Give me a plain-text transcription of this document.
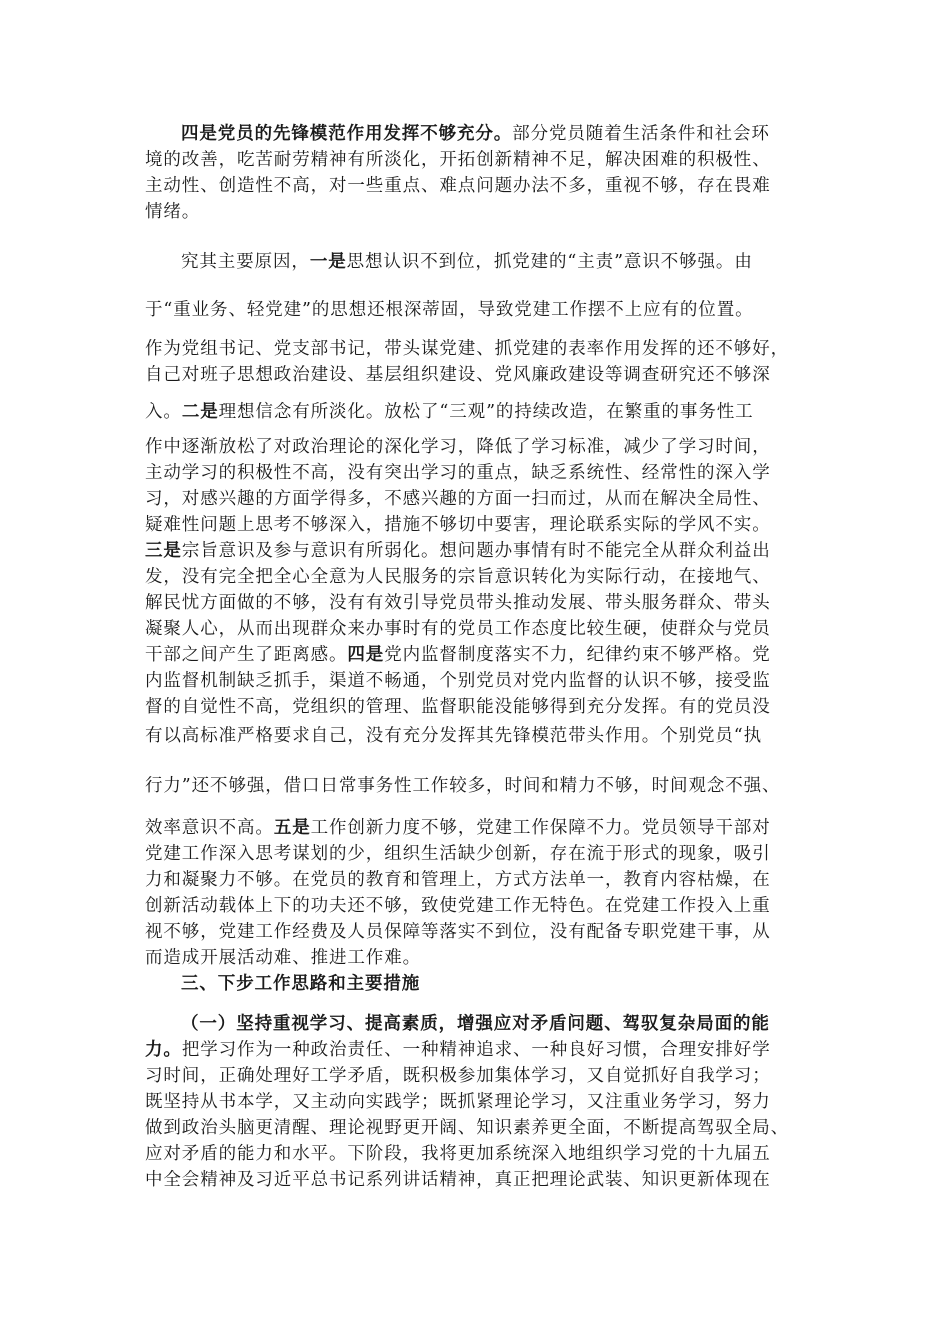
四是党员的先锋模范作用发挥不够充分。部分党员随着生活条件和社会环
境的改善，吃苦耐劳精神有所淡化，开拓创新精神不足，解决困难的积极性、
主动性、创造性不高，对一些重点、难点问题办法不多，重视不够，存在畏难
情绪。
究其主要原因，一是思想认识不到位，抓党建的“主责”意识不够强。由
于“重业务、轻党建”的思想还根深蒂固，导致党建工作摆不上应有的位置。
作为党组书记、党支部书记，带头谋党建、抓党建的表率作用发挥的还不够好，
自己对班子思想政治建设、基层组织建设、党风廉政建设等调查研究还不够深
入。二是理想信念有所淡化。放松了“三观”的持续改造，在繁重的事务性工
作中逐渐放松了对政治理论的深化学习，降低了学习标准，减少了学习时间，
主动学习的积极性不高，没有突出学习的重点，缺乏系统性、经常性的深入学
习，对感兴趣的方面学得多，不感兴趣的方面一扫而过，从而在解决全局性、
疑难性问题上思考不够深入，措施不够切中要害，理论联系实际的学风不实。
三是宗旨意识及参与意识有所弱化。想问题办事情有时不能完全从群众利益出
发，没有完全把全心全意为人民服务的宗旨意识转化为实际行动，在接地气、
解民忧方面做的不够，没有有效引导党员带头推动发展、带头服务群众、带头
凝聚人心，从而出现群众来办事时有的党员工作态度比较生硬，使群众与党员
干部之间产生了距离感。四是党内监督制度落实不力，纪律约束不够严格。党
内监督机制缺乏抓手，渠道不畅通，个别党员对党内监督的认识不够，接受监
督的自觉性不高，党组织的管理、监督职能没能够得到充分发挥。有的党员没
有以高标准严格要求自己，没有充分发挥其先锋模范带头作用。个别党员“执
行力”还不够强，借口日常事务性工作较多，时间和精力不够，时间观念不强、
效率意识不高。五是工作创新力度不够，党建工作保障不力。党员领导干部对
党建工作深入思考谋划的少，组织生活缺少创新，存在流于形式的现象，吸引
力和凝聚力不够。在党员的教育和管理上，方式方法单一，教育内容枯燥，在
创新活动载体上下的功夫还不够，致使党建工作无特色。在党建工作投入上重
视不够，党建工作经费及人员保障等落实不到位，没有配备专职党建干事，从
而造成开展活动难、推进工作难。
三、下步工作思路和主要措施
（一）坚持重视学习、提高素质，增强应对矛盾问题、驾驭复杂局面的能
力。把学习作为一种政治责任、一种精神追求、一种良好习惯，合理安排好学
习时间，正确处理好工学矛盾，既积极参加集体学习，又自觉抓好自我学习；
既坚持从书本学，又主动向实践学；既抓紧理论学习，又注重业务学习，努力
做到政治头脑更清醒、理论视野更开阔、知识素养更全面，不断提高驾驭全局、
应对矛盾的能力和水平。下阶段，我将更加系统深入地组织学习党的十九届五
中全会精神及习近平总书记系列讲话精神，真正把理论武装、知识更新体现在
